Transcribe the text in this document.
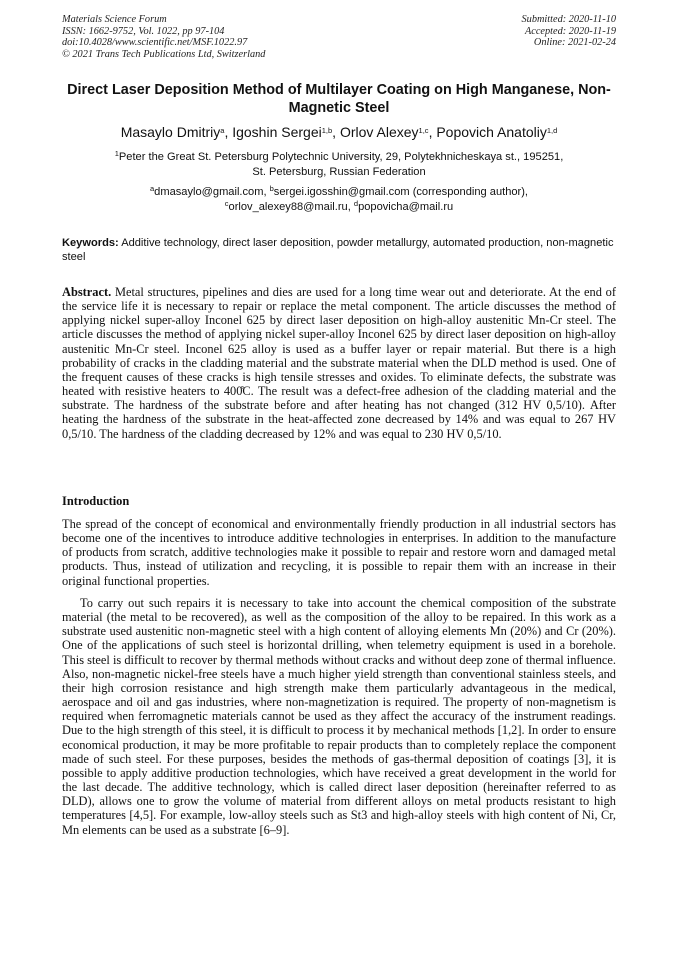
Materials Science Forum
ISSN: 1662-9752, Vol. 1022, pp 97-104
doi:10.4028/www.scientific.net/MSF.1022.97
© 2021 Trans Tech Publications Ltd, Switzerland
Submitted: 2020-11-10
Accepted: 2020-11-19
Online: 2021-02-24
Direct Laser Deposition Method of Multilayer Coating on High Manganese, Non-Magnetic Steel
Masaylo Dmitriy$^a$, Igoshin Sergei$^{1,b}$, Orlov Alexey$^{1,c}$, Popovich Anatoliy$^{1,d}$
$^1$Peter the Great St. Petersburg Polytechnic University, 29, Polytekhnicheskaya st., 195251,
St. Petersburg, Russian Federation
$^a$dmasaylo@gmail.com, $^b$sergei.igosshin@gmail.com (corresponding author),
$^c$orlov_alexey88@mail.ru, $^d$popovicha@mail.ru
Keywords: Additive technology, direct laser deposition, powder metallurgy, automated production, non-magnetic steel

Abstract. Metal structures, pipelines and dies are used for a long time wear out and deteriorate. At the end of the service life it is necessary to repair or replace the metal component. The article discusses the method of applying nickel super-alloy Inconel 625 by direct laser deposition on high-alloy austenitic Mn-Cr steel. The article discusses the method of applying nickel super-alloy Inconel 625 by direct laser deposition on high-alloy austenitic Mn-Cr steel. Inconel 625 alloy is used as a buffer layer or repair material. But there is a high probability of cracks in the cladding material and the substrate material when the DLD method is used. One of the frequent causes of these cracks is high tensile stresses and oxides. To eliminate defects, the substrate was heated with resistive heaters to 400̊C. The result was a defect-free adhesion of the cladding material and the substrate. The hardness of the substrate before and after heating has not changed (312 HV 0,5/10). After heating the hardness of the substrate in the heat-affected zone decreased by 14% and was equal to 267 HV 0,5/10. The hardness of the cladding decreased by 12% and was equal to 230 HV 0,5/10.

Introduction

The spread of the concept of economical and environmentally friendly production in all industrial sectors has become one of the incentives to introduce additive technologies in enterprises. In addition to the manufacture of products from scratch, additive technologies make it possible to repair and restore worn and damaged metal products. Thus, instead of utilization and recycling, it is possible to repair them with an increase in their original functional properties.

To carry out such repairs it is necessary to take into account the chemical composition of the substrate material (the metal to be recovered), as well as the composition of the alloy to be repaired. In this work as a substrate used austenitic non-magnetic steel with a high content of alloying elements Mn (20%) and Cr (20%). One of the applications of such steel is horizontal drilling, when telemetry equipment is used in a borehole. This steel is difficult to recover by thermal methods without cracks and without deep zone of thermal influence. Also, non-magnetic nickel-free steels have a much higher yield strength than conventional stainless steels, and their high corrosion resistance and high strength make them particularly advantageous in the medical, aerospace and oil and gas industries, where non-magnetization is required. The property of non-magnetism is required when ferromagnetic materials cannot be used as they affect the accuracy of the instrument readings. Due to the high strength of this steel, it is difficult to process it by mechanical methods [1,2]. In order to ensure economical production, it may be more profitable to repair products than to completely replace the component made of such steel. For these purposes, besides the methods of gas-thermal deposition of coatings [3], it is possible to apply additive production technologies, which have received a great development in the world for the last decade. The additive technology, which is called direct laser deposition (hereinafter referred to as DLD), allows one to grow the volume of material from different alloys on metal products resistant to high temperatures [4,5]. For example, low-alloy steels such as St3 and high-alloy steels with high content of Ni, Cr, Mn elements can be used as a substrate [6–9].
